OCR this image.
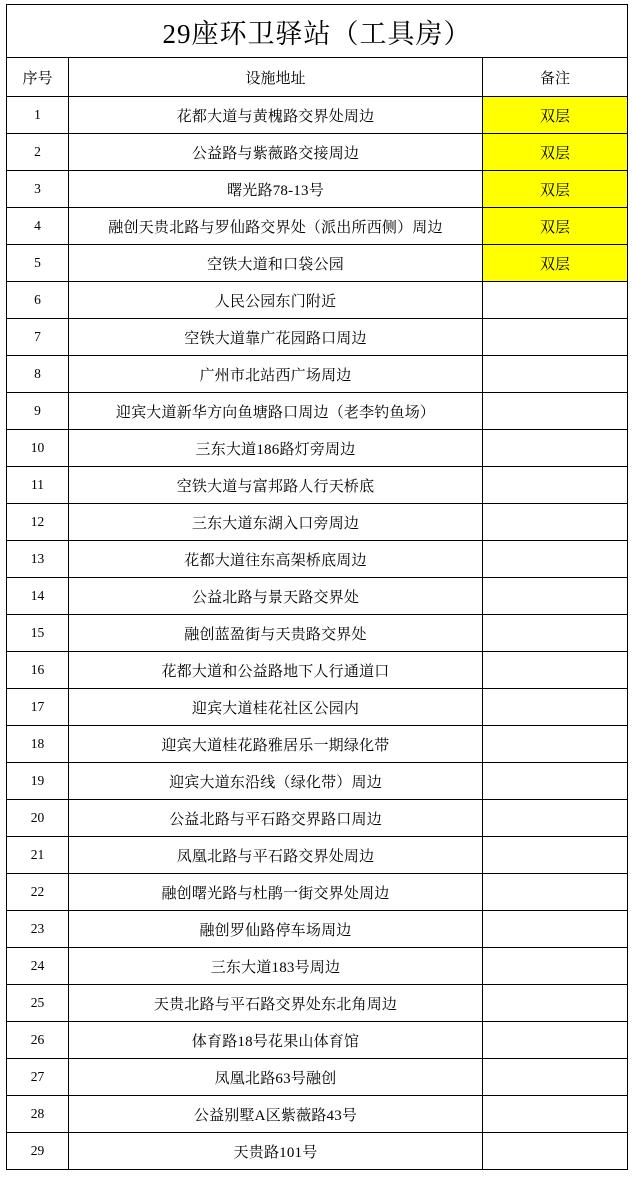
29座环卫驿站（工具房）		
序号	设施地址	备注
1	花都大道与黄槐路交界处周边	双层
2	公益路与紫薇路交接周边	双层
3	曙光路78-13号	双层
4	融创天贵北路与罗仙路交界处（派出所西侧）周边	双层
5	空铁大道和口袋公园	双层
6	人民公园东门附近	
7	空铁大道靠广花园路口周边	
8	广州市北站西广场周边	
9	迎宾大道新华方向鱼塘路口周边（老李钓鱼场）	
10	三东大道186路灯旁周边	
11	空铁大道与富邦路人行天桥底	
12	三东大道东湖入口旁周边	
13	花都大道往东高架桥底周边	
14	公益北路与景天路交界处	
15	融创蓝盈街与天贵路交界处	
16	花都大道和公益路地下人行通道口	
17	迎宾大道桂花社区公园内	
18	迎宾大道桂花路雅居乐一期绿化带	
19	迎宾大道东沿线（绿化带）周边	
20	公益北路与平石路交界路口周边	
21	凤凰北路与平石路交界处周边	
22	融创曙光路与杜鹃一街交界处周边	
23	融创罗仙路停车场周边	
24	三东大道183号周边	
25	天贵北路与平石路交界处东北角周边	
26	体育路18号花果山体育馆	
27	凤凰北路63号融创	
28	公益别墅A区紫薇路43号	
29	天贵路101号	
